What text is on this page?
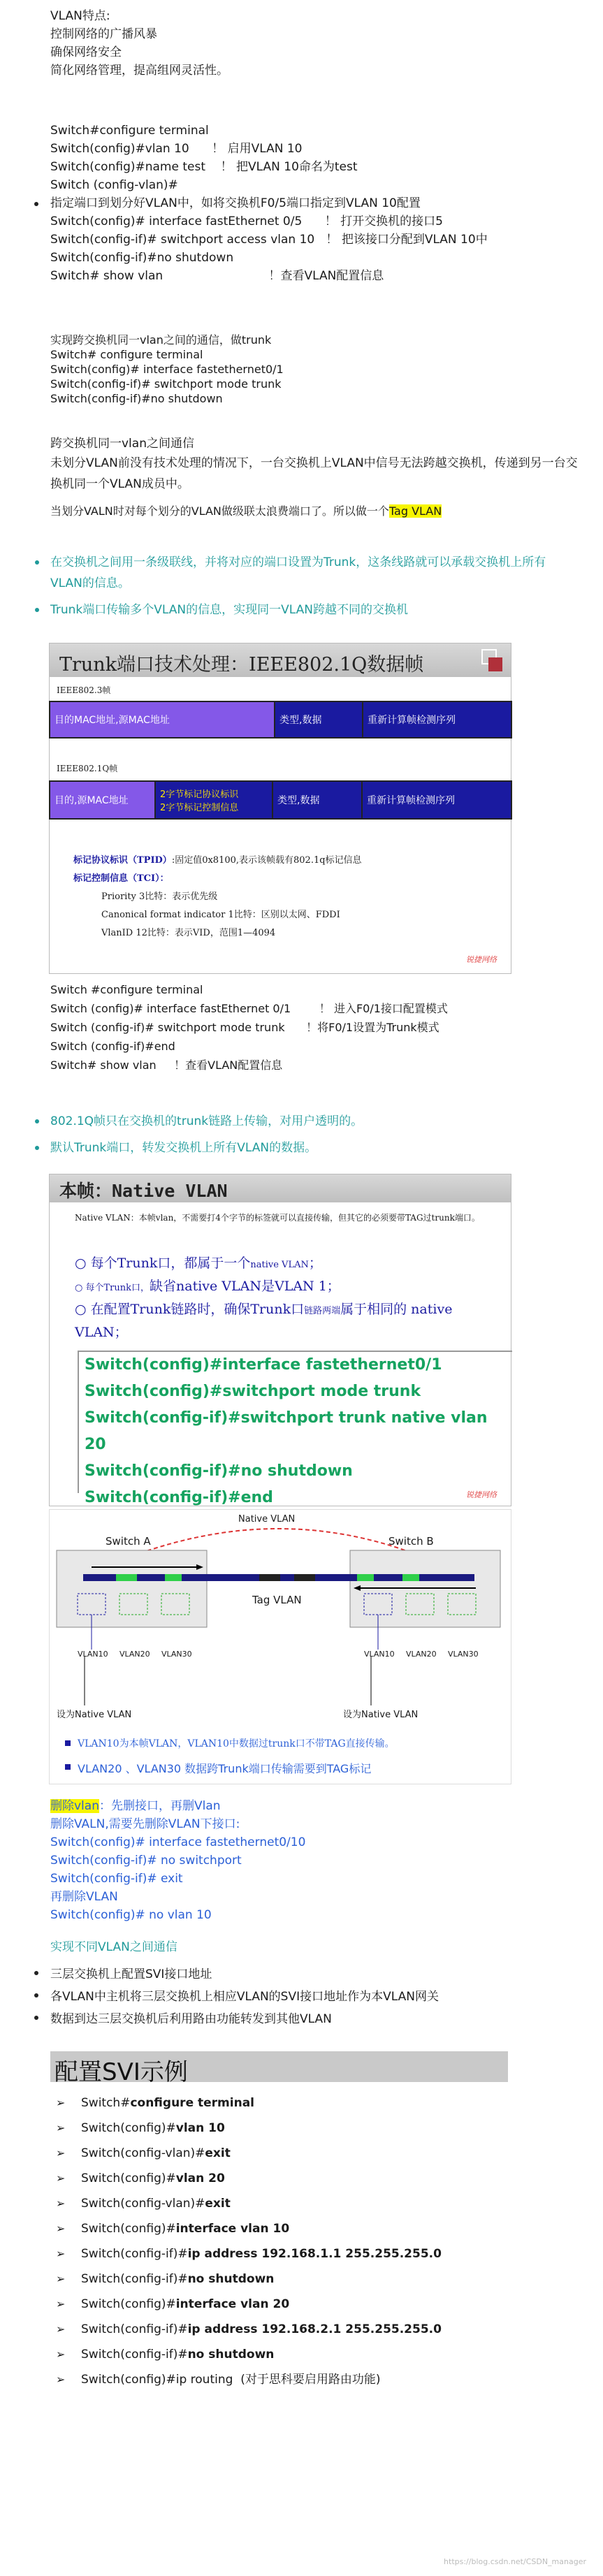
VLAN特点:
控制网络的广播风暴
确保网络安全
简化网络管理，提高组网灵活性。
Switch#configure terminal
Switch(config)#vlan 10      ！ 启用VLAN 10
Switch(config)#name test    ！ 把VLAN 10命名为test
Switch (config-vlan)#
指定端口到划分好VLAN中，如将交换机F0/5端口指定到VLAN 10配置
Switch(config)# interface fastEthernet 0/5      ！ 打开交换机的接口5
Switch(config-if)# switchport access vlan 10   ！ 把该接口分配到VLAN 10中
Switch(config-if)#no shutdown
Switch# show vlan                            ！查看VLAN配置信息
实现跨交换机同一vlan之间的通信，做trunk
Switch# configure terminal
Switch(config)# interface fastethernet0/1
Switch(config-if)# switchport mode trunk
Switch(config-if)#no shutdown
跨交换机同一vlan之间通信
未划分VLAN前没有技术处理的情况下，一台交换机上VLAN中信号无法跨越交换机，传递到另一台交换机同一个VLAN成员中。
当划分VALN时对每个划分的VLAN做级联太浪费端口了。所以做一个Tag VLAN
在交换机之间用一条级联线，并将对应的端口设置为Trunk，这条线路就可以承载交换机上所有VLAN的信息。
Trunk端口传输多个VLAN的信息，实现同一VLAN跨越不同的交换机
Trunk端口技术处理：IEEE802.1Q数据帧
IEEE802.3帧
目的MAC地址,源MAC地址	类型,数据	重新计算帧检测序列
IEEE802.1Q帧
目的,源MAC地址
2字节标记协议标识
2字节标记控制信息
类型,数据	重新计算帧检测序列
标记协议标识（TPID）:固定值0x8100,表示该帧载有802.1q标记信息
标记控制信息（TCI）：
Priority 3比特：表示优先级
Canonical format indicator 1比特：区别以太网、FDDI
VlanID 12比特：表示VID，范围1—4094
锐捷网络
Switch #configure terminal
Switch (config)# interface fastEthernet 0/1        ！ 进入F0/1接口配置模式
Switch (config-if)# switchport mode trunk      ！将F0/1设置为Trunk模式
Switch (config-if)#end
Switch# show vlan     ！查看VLAN配置信息
802.1Q帧只在交换机的trunk链路上传输，对用户透明的。
默认Trunk端口，转发交换机上所有VLAN的数据。
本帧：Native VLAN
Native VLAN：本帧vlan，不需要打4个字节的标签就可以直接传输，但其它的必须要带TAG过trunk端口。
○ 每个Trunk口，都属于一个native VLAN；
○ 每个Trunk口，缺省native VLAN是VLAN 1；
○ 在配置Trunk链路时，确保Trunk口链路两端属于相同的 native VLAN；
Switch(config)#interface fastethernet0/1
Switch(config)#switchport mode trunk
Switch(config-if)#switchport trunk native vlan 20
Switch(config-if)#no shutdown
Switch(config-if)#end	锐捷网络
Native VLAN
Switch A	Switch B
Tag VLAN
VLAN10 VLAN20 VLAN30	VLAN10 VLAN20 VLAN30
设为Native VLAN	设为Native VLAN
VLAN10为本帧VLAN，VLAN10中数据过trunk口不带TAG直接传输。
VLAN20 、VLAN30 数据跨Trunk端口传输需要到TAG标记
删除vlan：先删接口，再删Vlan
删除VALN,需要先删除VLAN下接口:
Switch(config)# interface fastethernet0/10
Switch(config-if)# no switchport
Switch(config-if)# exit
再删除VLAN
Switch(config)# no vlan 10
实现不同VLAN之间通信
三层交换机上配置SVI接口地址
各VLAN中主机将三层交换机上相应VLAN的SVI接口地址作为本VLAN网关
数据到达三层交换机后利用路由功能转发到其他VLAN
配置SVI示例
➢ Switch#configure terminal
➢ Switch(config)#vlan 10
➢ Switch(config-vlan)#exit
➢ Switch(config)#vlan 20
➢ Switch(config-vlan)#exit
➢ Switch(config)#interface vlan 10
➢ Switch(config-if)#ip address 192.168.1.1 255.255.255.0
➢ Switch(config-if)#no shutdown
➢ Switch(config)#interface vlan 20
➢ Switch(config-if)#ip address 192.168.2.1 255.255.255.0
➢ Switch(config-if)#no shutdown
➢ Switch(config)#ip routing  (对于思科要启用路由功能)
https://blog.csdn.net/CSDN_manager
